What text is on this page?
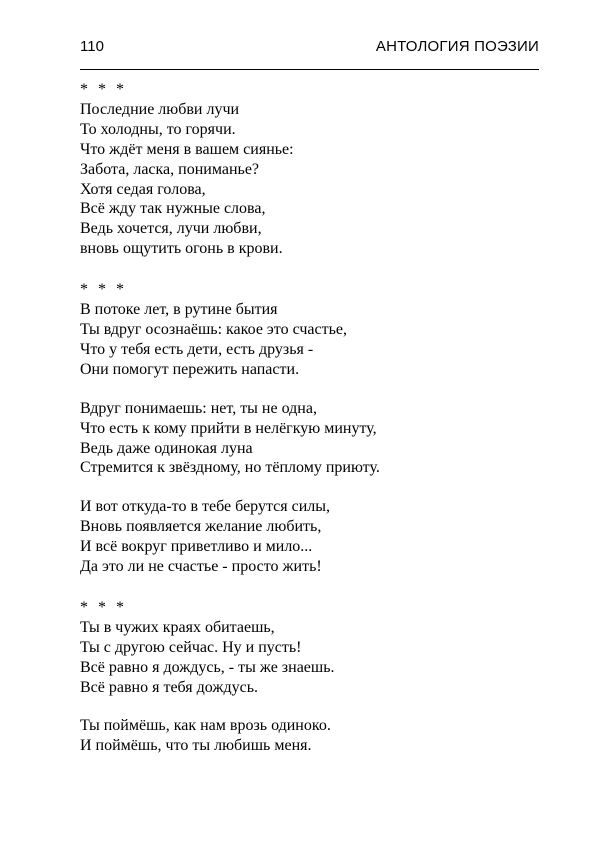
110	АНТОЛОГИЯ ПОЭЗИИ
* * *
Последние любви лучи
То холодны, то горячи.
Что ждёт меня в вашем сиянье:
Забота, ласка, пониманье?
Хотя седая голова,
Всё жду так нужные слова,
Ведь хочется, лучи любви,
вновь ощутить огонь в крови.
* * *
В потоке лет, в рутине бытия
Ты вдруг осознаёшь: какое это счастье,
Что у тебя есть дети, есть друзья -
Они помогут пережить напасти.
Вдруг понимаешь: нет, ты не одна,
Что есть к кому прийти в нелёгкую минуту,
Ведь даже одинокая луна
Стремится к звёздному, но тёплому приюту.
И вот откуда-то в тебе берутся силы,
Вновь появляется желание любить,
И всё вокруг приветливо и мило...
Да это ли не счастье - просто жить!
* * *
Ты в чужих краях обитаешь,
Ты с другою сейчас. Ну и пусть!
Всё равно я дождусь, - ты же знаешь.
Всё равно я тебя дождусь.
Ты поймёшь, как нам врозь одиноко.
И поймёшь, что ты любишь меня.
